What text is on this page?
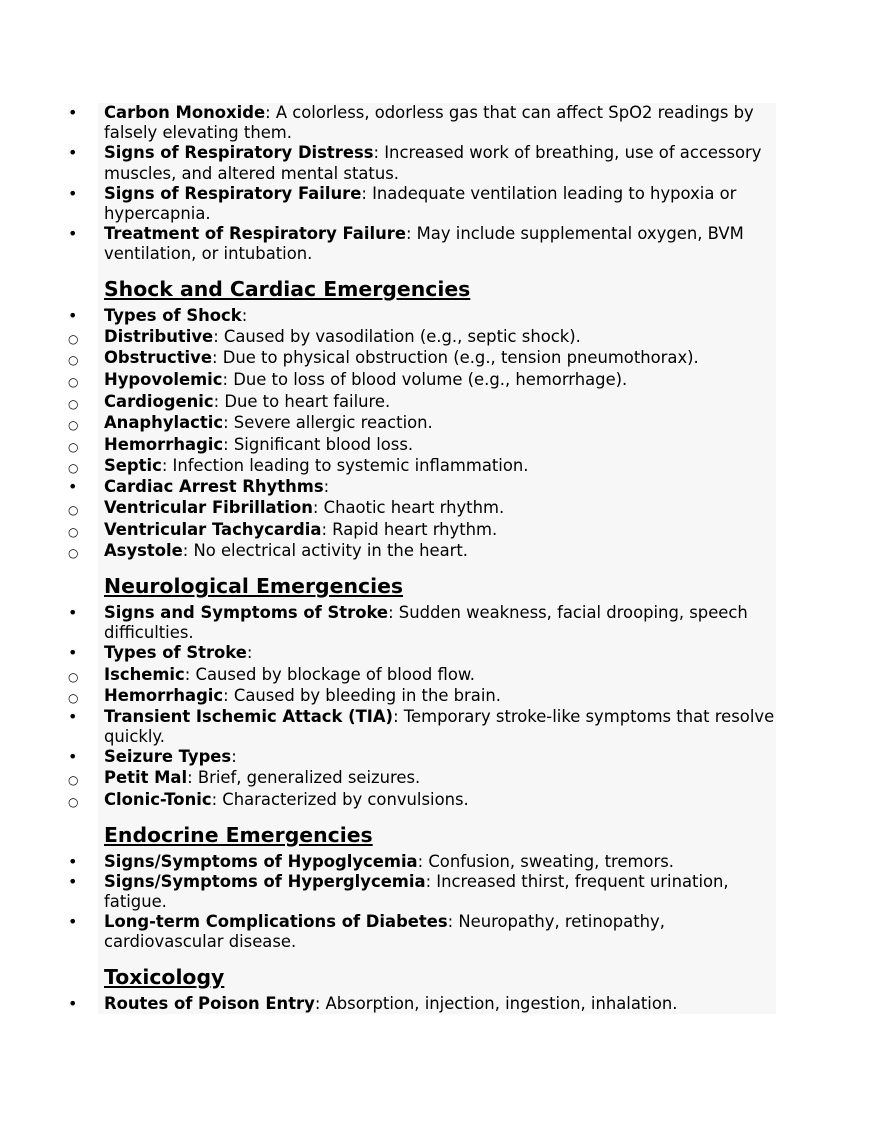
• Carbon Monoxide: A colorless, odorless gas that can affect SpO2 readings by falsely elevating them.
• Signs of Respiratory Distress: Increased work of breathing, use of accessory muscles, and altered mental status.
• Signs of Respiratory Failure: Inadequate ventilation leading to hypoxia or hypercapnia.
• Treatment of Respiratory Failure: May include supplemental oxygen, BVM ventilation, or intubation.
Shock and Cardiac Emergencies
• Types of Shock:
○ Distributive: Caused by vasodilation (e.g., septic shock).
○ Obstructive: Due to physical obstruction (e.g., tension pneumothorax).
○ Hypovolemic: Due to loss of blood volume (e.g., hemorrhage).
○ Cardiogenic: Due to heart failure.
○ Anaphylactic: Severe allergic reaction.
○ Hemorrhagic: Significant blood loss.
○ Septic: Infection leading to systemic inflammation.
• Cardiac Arrest Rhythms:
○ Ventricular Fibrillation: Chaotic heart rhythm.
○ Ventricular Tachycardia: Rapid heart rhythm.
○ Asystole: No electrical activity in the heart.
Neurological Emergencies
• Signs and Symptoms of Stroke: Sudden weakness, facial drooping, speech difficulties.
• Types of Stroke:
○ Ischemic: Caused by blockage of blood flow.
○ Hemorrhagic: Caused by bleeding in the brain.
• Transient Ischemic Attack (TIA): Temporary stroke-like symptoms that resolve quickly.
• Seizure Types:
○ Petit Mal: Brief, generalized seizures.
○ Clonic-Tonic: Characterized by convulsions.
Endocrine Emergencies
• Signs/Symptoms of Hypoglycemia: Confusion, sweating, tremors.
• Signs/Symptoms of Hyperglycemia: Increased thirst, frequent urination, fatigue.
• Long-term Complications of Diabetes: Neuropathy, retinopathy, cardiovascular disease.
Toxicology
• Routes of Poison Entry: Absorption, injection, ingestion, inhalation.
